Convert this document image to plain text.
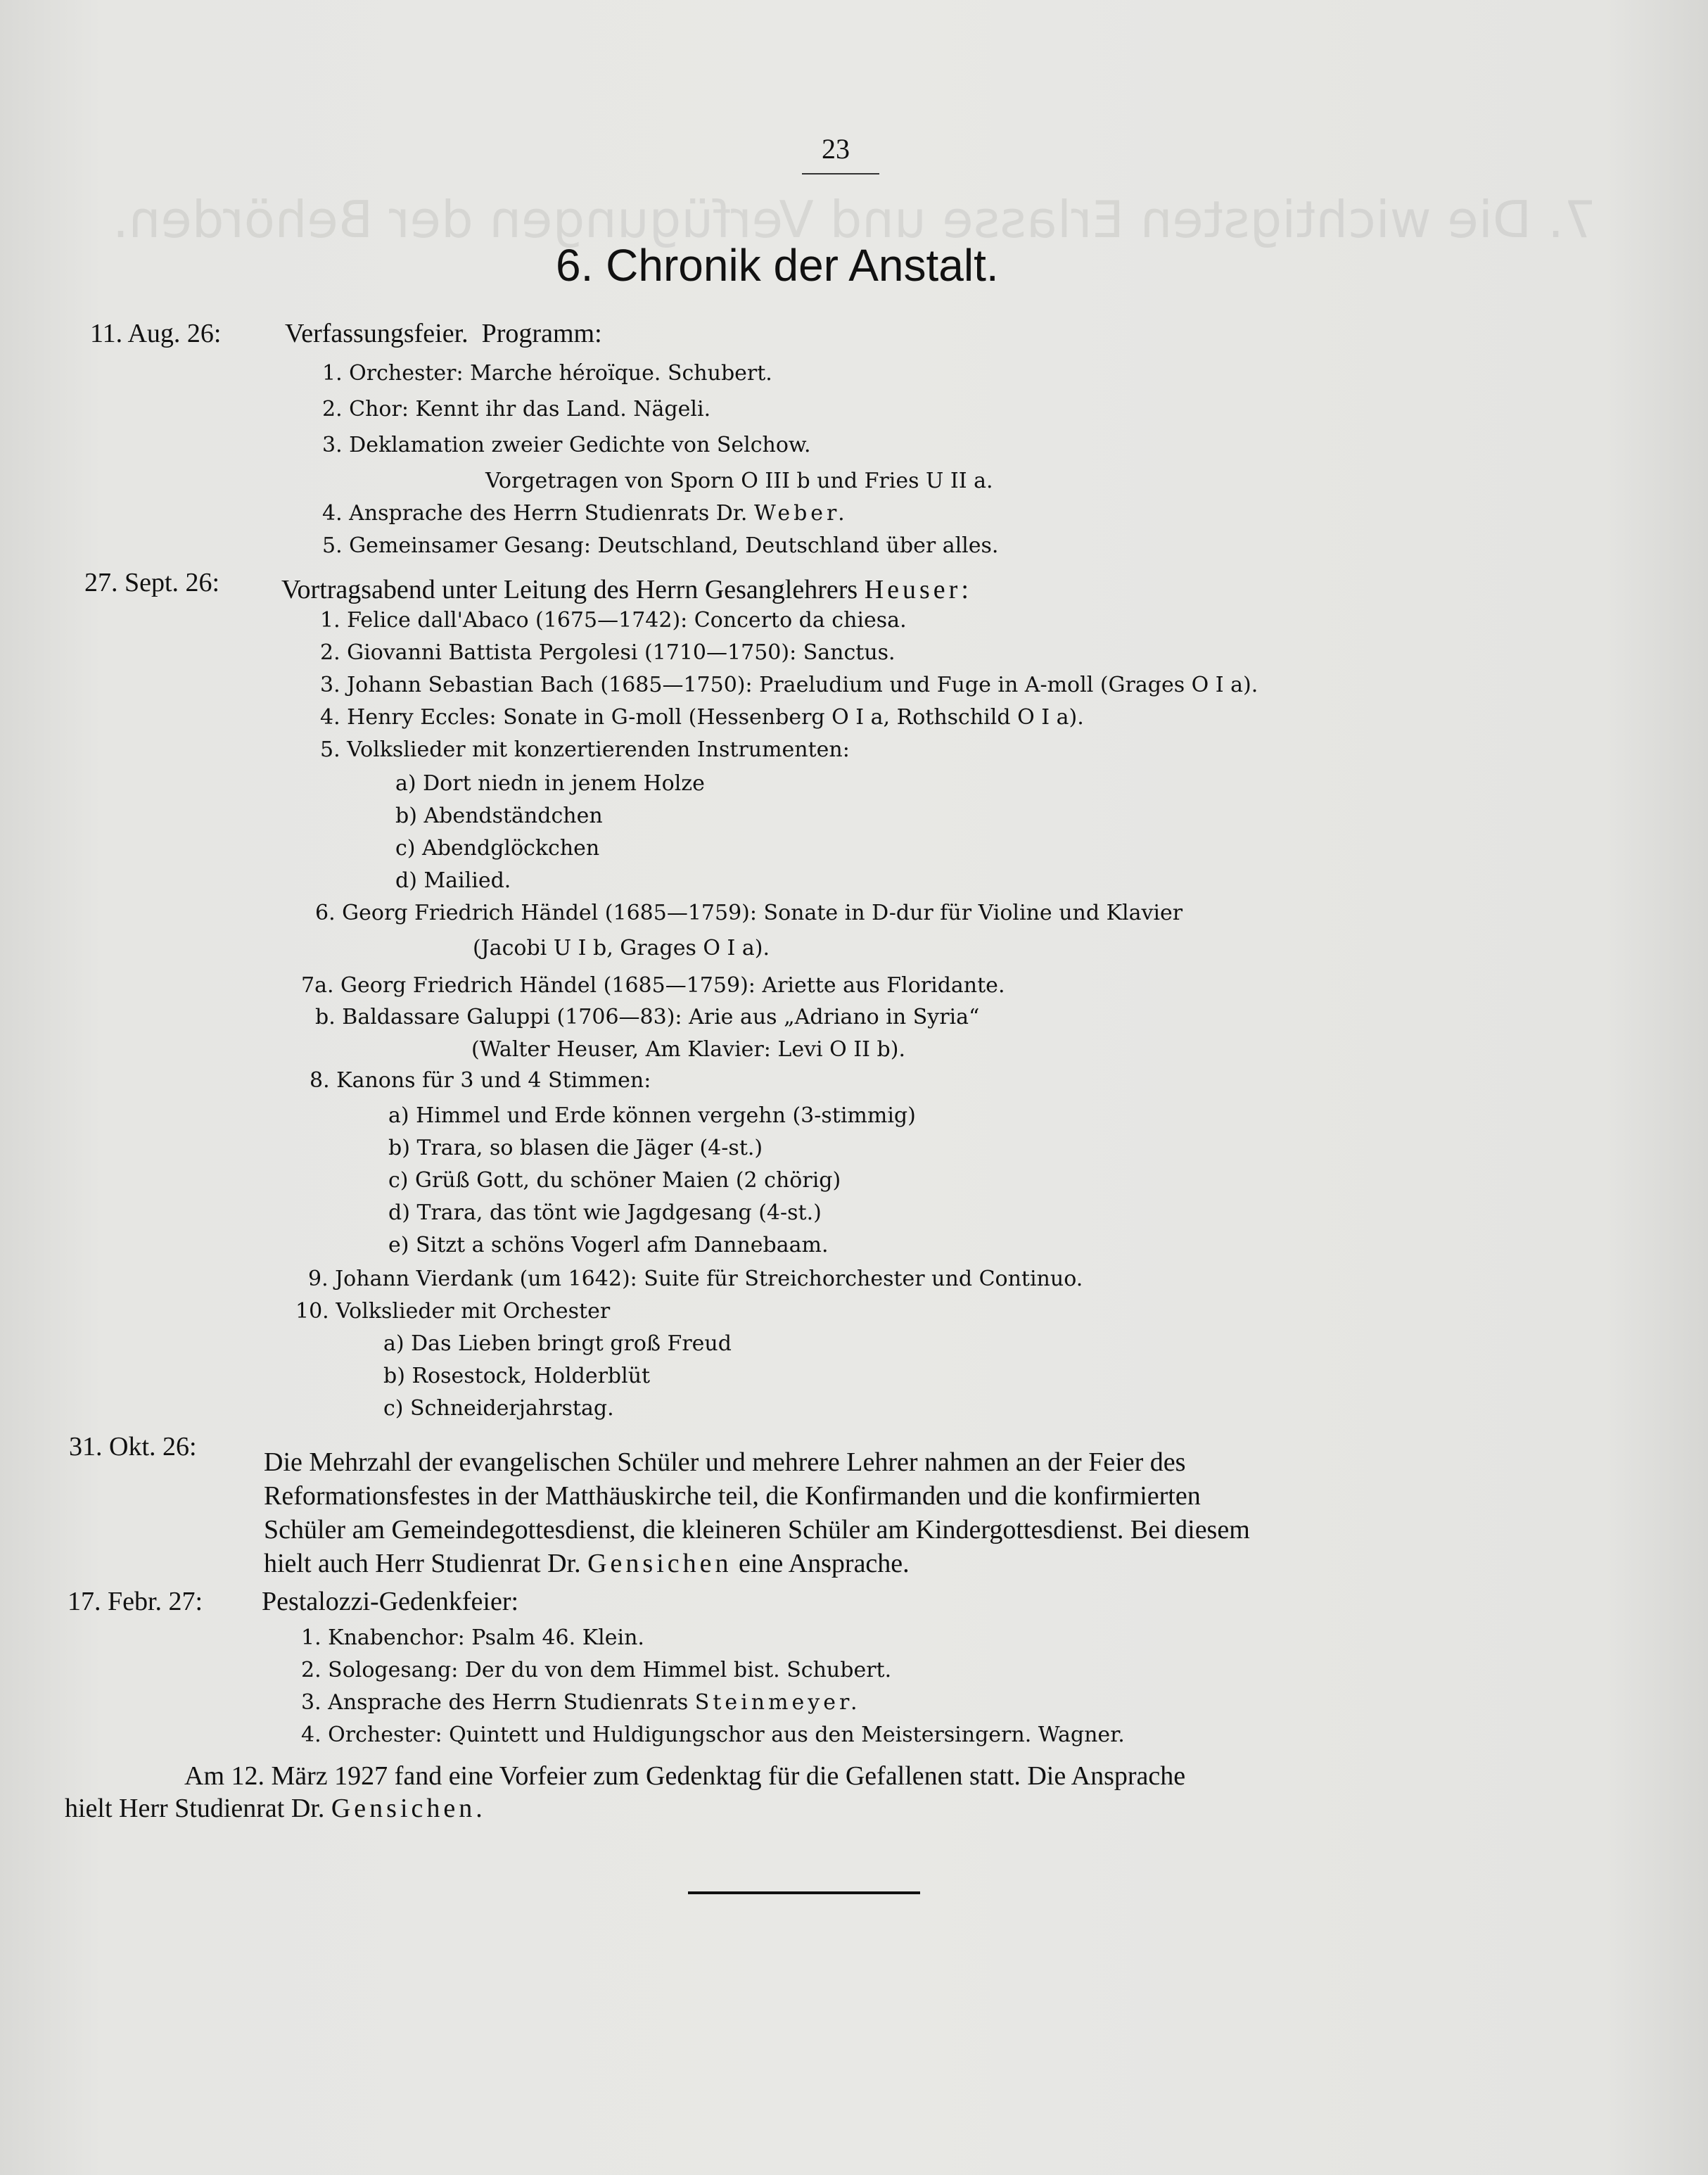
7. Die wichtigsten Erlasse und Verfügungen der Behörden.
23
6. Chronik der Anstalt.
11. Aug. 26: Verfassungsfeier. Programm:
1. Orchester: Marche héroïque. Schubert.
2. Chor: Kennt ihr das Land. Nägeli.
3. Deklamation zweier Gedichte von Selchow.
Vorgetragen von Sporn O III b und Fries U II a.
4. Ansprache des Herrn Studienrats Dr. Weber.
5. Gemeinsamer Gesang: Deutschland, Deutschland über alles.
27. Sept. 26: Vortragsabend unter Leitung des Herrn Gesanglehrers Heuser:
1. Felice dall'Abaco (1675—1742): Concerto da chiesa.
2. Giovanni Battista Pergolesi (1710—1750): Sanctus.
3. Johann Sebastian Bach (1685—1750): Praeludium und Fuge in A-moll (Grages O I a).
4. Henry Eccles: Sonate in G-moll (Hessenberg O I a, Rothschild O I a).
5. Volkslieder mit konzertierenden Instrumenten:
a) Dort niedn in jenem Holze
b) Abendständchen
c) Abendglöckchen
d) Mailied.
6. Georg Friedrich Händel (1685—1759): Sonate in D-dur für Violine und Klavier
(Jacobi U I b, Grages O I a).
7a. Georg Friedrich Händel (1685—1759): Ariette aus Floridante.
b. Baldassare Galuppi (1706—83): Arie aus „Adriano in Syria“
(Walter Heuser, Am Klavier: Levi O II b).
8. Kanons für 3 und 4 Stimmen:
a) Himmel und Erde können vergehn (3-stimmig)
b) Trara, so blasen die Jäger (4-st.)
c) Grüß Gott, du schöner Maien (2 chörig)
d) Trara, das tönt wie Jagdgesang (4-st.)
e) Sitzt a schöns Vogerl afm Dannebaam.
9. Johann Vierdank (um 1642): Suite für Streichorchester und Continuo.
10. Volkslieder mit Orchester
a) Das Lieben bringt groß Freud
b) Rosestock, Holderblüt
c) Schneiderjahrstag.
31. Okt. 26:
Die Mehrzahl der evangelischen Schüler und mehrere Lehrer nahmen an der Feier des
Reformationsfestes in der Matthäuskirche teil, die Konfirmanden und die konfirmierten
Schüler am Gemeindegottesdienst, die kleineren Schüler am Kindergottesdienst. Bei diesem
hielt auch Herr Studienrat Dr. Gensichen eine Ansprache.
17. Febr. 27: Pestalozzi-Gedenkfeier:
1. Knabenchor: Psalm 46. Klein.
2. Sologesang: Der du von dem Himmel bist. Schubert.
3. Ansprache des Herrn Studienrats Steinmeyer.
4. Orchester: Quintett und Huldigungschor aus den Meistersingern. Wagner.
Am 12. März 1927 fand eine Vorfeier zum Gedenktag für die Gefallenen statt. Die Ansprache
hielt Herr Studienrat Dr. Gensichen.
